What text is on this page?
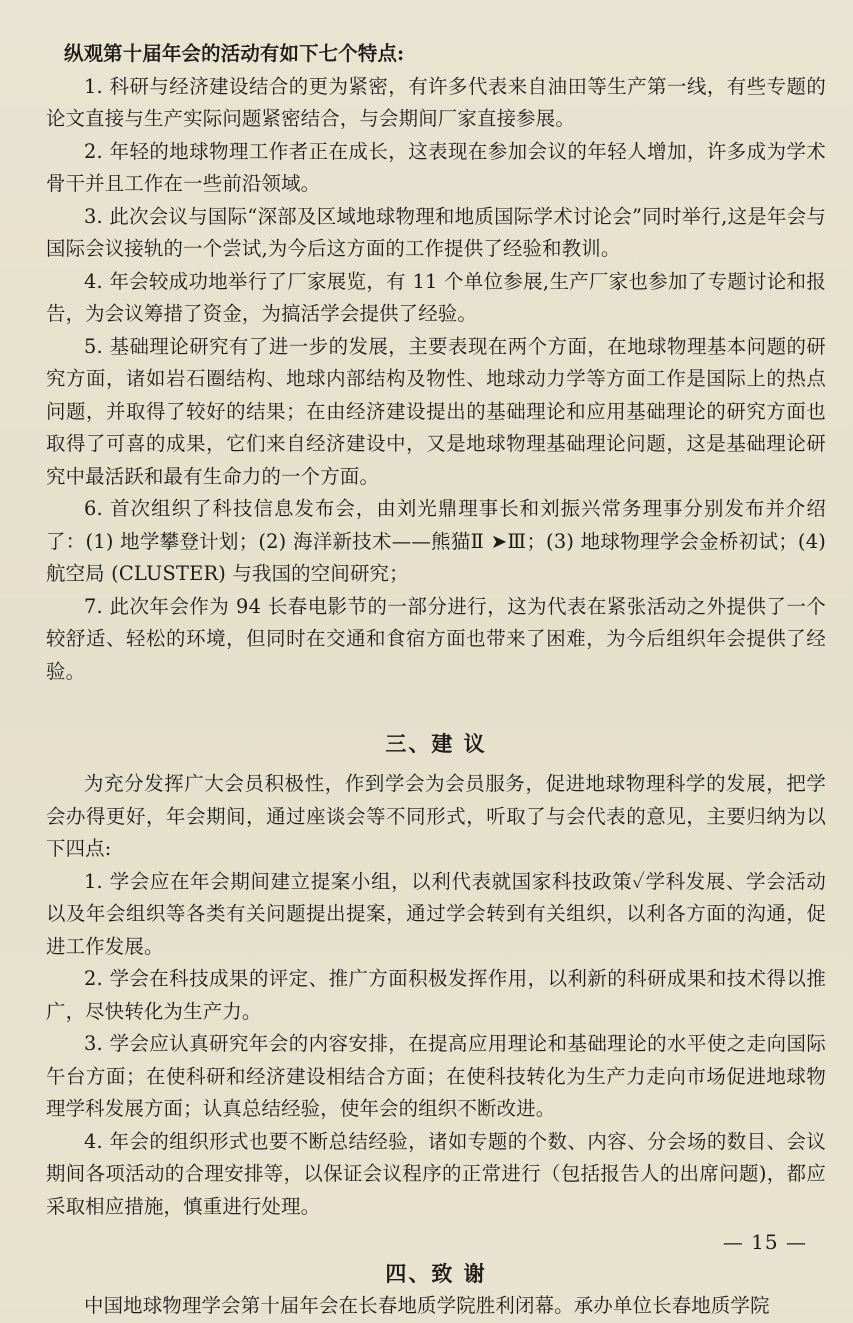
纵观第十届年会的活动有如下七个特点:

1. 科研与经济建设结合的更为紧密，有许多代表来自油田等生产第一线，有些专题的论文直接与生产实际问题紧密结合，与会期间厂家直接参展。

2. 年轻的地球物理工作者正在成长，这表现在参加会议的年轻人增加，许多成为学术骨干并且工作在一些前沿领域。

3. 此次会议与国际“深部及区域地球物理和地质国际学术讨论会”同时举行,这是年会与国际会议接轨的一个尝试,为今后这方面的工作提供了经验和教训。

4. 年会较成功地举行了厂家展览，有 11 个单位参展,生产厂家也参加了专题讨论和报告，为会议筹措了资金，为搞活学会提供了经验。

5. 基础理论研究有了进一步的发展，主要表现在两个方面，在地球物理基本问题的研究方面，诸如岩石圈结构、地球内部结构及物性、地球动力学等方面工作是国际上的热点问题，并取得了较好的结果；在由经济建设提出的基础理论和应用基础理论的研究方面也取得了可喜的成果，它们来自经济建设中，又是地球物理基础理论问题，这是基础理论研究中最活跃和最有生命力的一个方面。

6. 首次组织了科技信息发布会，由刘光鼎理事长和刘振兴常务理事分别发布并介绍了：(1) 地学攀登计划；(2) 海洋新技术——熊猫Ⅱ ➤Ⅲ；(3) 地球物理学会金桥初试；(4) 航空局 (CLUSTER) 与我国的空间研究；

7. 此次年会作为 94 长春电影节的一部分进行，这为代表在紧张活动之外提供了一个较舒适、轻松的环境，但同时在交通和食宿方面也带来了困难，为今后组织年会提供了经验。

三、建 议

为充分发挥广大会员积极性，作到学会为会员服务，促进地球物理科学的发展，把学会办得更好，年会期间，通过座谈会等不同形式，听取了与会代表的意见，主要归纳为以下四点:

1. 学会应在年会期间建立提案小组，以利代表就国家科技政策✓学科发展、学会活动以及年会组织等各类有关问题提出提案，通过学会转到有关组织，以利各方面的沟通，促进工作发展。

2. 学会在科技成果的评定、推广方面积极发挥作用，以利新的科研成果和技术得以推广，尽快转化为生产力。

3. 学会应认真研究年会的内容安排，在提高应用理论和基础理论的水平使之走向国际午台方面；在使科研和经济建设相结合方面；在使科技转化为生产力走向市场促进地球物理学科发展方面；认真总结经验，使年会的组织不断改进。

4. 年会的组织形式也要不断总结经验，诸如专题的个数、内容、分会场的数目、会议期间各项活动的合理安排等，以保证会议程序的正常进行（包括报告人的出席问题)，都应采取相应措施，慎重进行处理。

四、致 谢

中国地球物理学会第十届年会在长春地质学院胜利闭幕。承办单位长春地质学院

— 15 —
